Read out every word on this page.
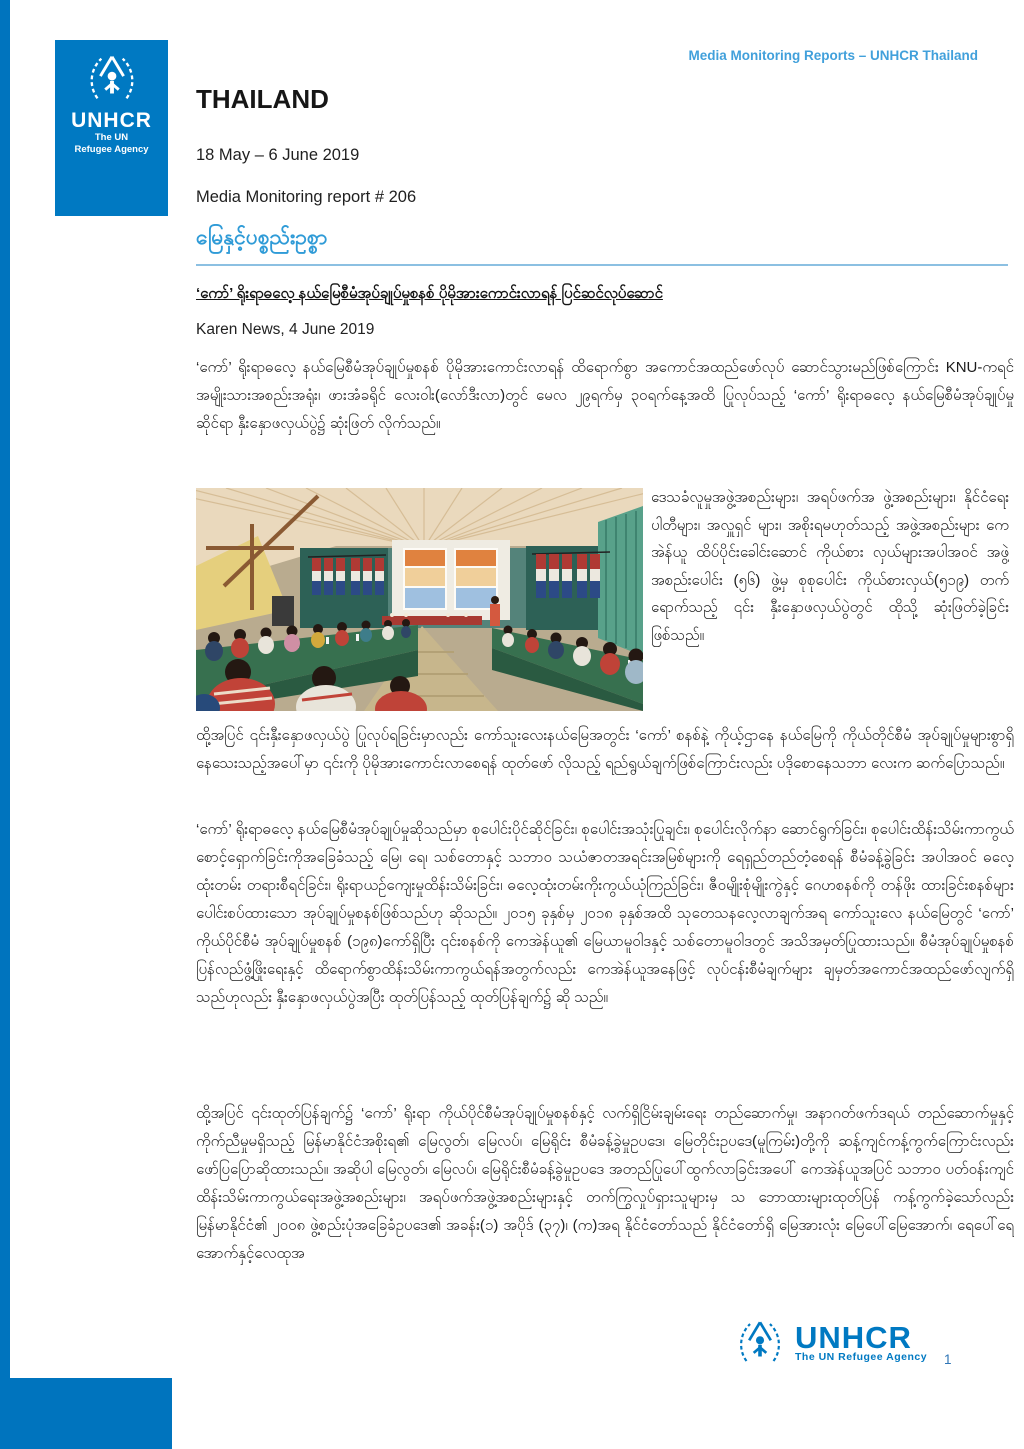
UNHCR
The UN
Refugee Agency
Media Monitoring Reports – UNHCR Thailand
THAILAND
18 May – 6 June 2019
Media Monitoring report # 206
မြေနှင့်ပစ္စည်းဥစ္စာ
‘ကော်’ ရိုးရာဓလေ့ နယ်မြေစီမံအုပ်ချုပ်မှုစနစ် ပိုမိုအားကောင်းလာရန် ပြင်ဆင်လုပ်ဆောင်
Karen News, 4 June 2019
‘ကော်’ ရိုးရာဓလေ့ နယ်မြေစီမံအုပ်ချုပ်မှုစနစ် ပိုမိုအားကောင်းလာရန် ထိရောက်စွာ အကောင်အထည်ဖော်လုပ် ဆောင်သွားမည်ဖြစ်ကြောင်း KNU-ကရင်အမျိုးသားအစည်းအရုံး၊ ဖားအံခရိုင် လေးဝါး(လော်ဒီးလာ)တွင် မေလ ၂၉ရက်မှ ၃၀ရက်နေ့အထိ ပြုလုပ်သည့် ‘ကော်’ ရိုးရာဓလေ့ နယ်မြေစီမံအုပ်ချုပ်မှုဆိုင်ရာ နှီးနှောဖလှယ်ပွဲ၌ ဆုံးဖြတ် လိုက်သည်။
ဒေသခံလူမှုအဖွဲ့အစည်းများ၊ အရပ်ဖက်အ ဖွဲ့အစည်းများ၊ နိုင်ငံရေးပါတီများ၊ အလှူရှင် များ၊ အစိုးရမဟုတ်သည့် အဖွဲ့အစည်းများ ကေအဲန်ယူ ထိပ်ပိုင်းခေါင်းဆောင် ကိုယ်စား လှယ်များအပါအဝင် အဖွဲ့အစည်းပေါင်း (၅၆) ဖွဲ့မှ စုစုပေါင်း ကိုယ်စားလှယ်(၅၁၉) တက် ရောက်သည့် ၎င်း နှီးနှောဖလှယ်ပွဲတွင် ထိုသို့ ဆုံးဖြတ်ခဲ့ခြင်း ဖြစ်သည်။
ထို့အပြင် ၎င်းနှီးနှောဖလှယ်ပွဲ ပြုလုပ်ရခြင်းမှာလည်း ကော်သူးလေးနယ်မြေအတွင်း ‘ကော်’ စနစ်နဲ့ ကိုယ့်ဌာနေ နယ်မြေကို ကိုယ်တိုင်စီမံ အုပ်ချုပ်မှုများစွာရှိနေသေးသည့်အပေါ်မှာ ၎င်းကို ပိုမိုအားကောင်းလာစေရန် ထုတ်ဖော် လိုသည့် ရည်ရွယ်ချက်ဖြစ်ကြောင်းလည်း ပဒိုစောနေသဘာ လေးက ဆက်ပြောသည်။
‘ကော်’ ရိုးရာဓလေ့ နယ်မြေစီမံအုပ်ချုပ်မှုဆိုသည်မှာ စုပေါင်းပိုင်ဆိုင်ခြင်း၊ စုပေါင်းအသုံးပြုချင်း၊ စုပေါင်းလိုက်နာ ဆောင်ရွက်ခြင်း၊ စုပေါင်းထိန်းသိမ်းကာကွယ်စောင့်ရှောက်ခြင်းကိုအခြေခံသည့် မြေ၊ ရေ၊ သစ်တောနှင့် သဘာဝ သယံဇာတအရင်းအမြစ်များကို ရေရှည်တည်တံ့စေရန် စီမံခန့်ခွဲခြင်း အပါအဝင် ဓလေ့ထုံးတမ်း တရားစီရင်ခြင်း၊ ရိုးရာယဉ်ကျေးမှုထိန်းသိမ်းခြင်း၊ ဓလေ့ထုံးတမ်းကိုးကွယ်ယုံကြည်ခြင်း၊ ဇီဝမျိုးစုံမျိုးကွဲနှင့် ဂေဟစနစ်ကို တန်ဖိုး ထားခြင်းစနစ်များ ပေါင်းစပ်ထားသော အုပ်ချုပ်မှုစနစ်ဖြစ်သည်ဟု ဆိုသည်။ ၂၀၁၅ ခုနှစ်မှ ၂၀၁၈ ခုနှစ်အထိ သုတေသနလေ့လာချက်အရ ကော်သူးလေ နယ်မြေတွင် ‘ကော်’ ကိုယ်ပိုင်စီမံ အုပ်ချုပ်မှုစနစ် (၁၉၈)ကော်ရှိပြီး ၎င်းစနစ်ကို ကေအဲန်ယူ၏ မြေယာမူဝါဒနှင့် သစ်တောမူဝါဒတွင် အသိအမှတ်ပြုထားသည်။ စီမံအုပ်ချုပ်မှုစနစ် ပြန်လည်ဖွံ့ဖြိုးရေးနှင့် ထိရောက်စွာထိန်းသိမ်းကာကွယ်ရန်အတွက်လည်း ကေအဲန်ယူအနေဖြင့် လုပ်ငန်းစီမံချက်များ ချမှတ်အကောင်အထည်ဖော်လျက်ရှိသည်ဟုလည်း နှီးနှောဖလှယ်ပွဲအပြီး ထုတ်ပြန်သည့် ထုတ်ပြန်ချက်၌ ဆို သည်။
ထို့အပြင် ၎င်းထုတ်ပြန်ချက်၌ ‘ကော်’ ရိုးရာ ကိုယ်ပိုင်စီမံအုပ်ချုပ်မှုစနစ်နှင့် လက်ရှိငြိမ်းချမ်းရေး တည်ဆောက်မှု၊ အနာဂတ်ဖက်ဒရယ် တည်ဆောက်မှုနှင့် ကိုက်ညီမှုမရှိသည့် မြန်မာနိုင်ငံအစိုးရ၏ မြေလွတ်၊ မြေလပ်၊ မြေရိုင်း စီမံခန့်ခွဲမှုဥပဒေ၊ မြေတိုင်းဥပဒေ(မူကြမ်း)တို့ကို ဆန့်ကျင်ကန့်ကွက်ကြောင်းလည်း ဖော်ပြပြောဆိုထားသည်။ အဆိုပါ မြေလွတ်၊ မြေလပ်၊ မြေရိုင်းစီမံခန့်ခွဲမှုဥပဒေ အတည်ပြုပေါ်ထွက်လာခြင်းအပေါ် ကေအဲန်ယူအပြင် သဘာဝ ပတ်ဝန်းကျင်ထိန်းသိမ်းကာကွယ်ရေးအဖွဲ့အစည်းများ၊ အရပ်ဖက်အဖွဲ့အစည်းများနှင့် တက်ကြွလှုပ်ရှားသူများမှ သ ဘောထားများထုတ်ပြန် ကန့်ကွက်ခဲ့သော်လည်း မြန်မာနိုင်ငံ၏ ၂၀၀၈ ဖွဲ့စည်းပုံအခြေခံဥပဒေ၏ အခန်း(၁) အပိုဒ် (၃၇)၊ (က)အရ နိုင်ငံတော်သည် နိုင်ငံတော်ရှိ မြေအားလုံး မြေပေါ်မြေအောက်၊ ရေပေါ်ရေအောက်နှင့်လေထုအ
UNHCR
The UN Refugee Agency 1
